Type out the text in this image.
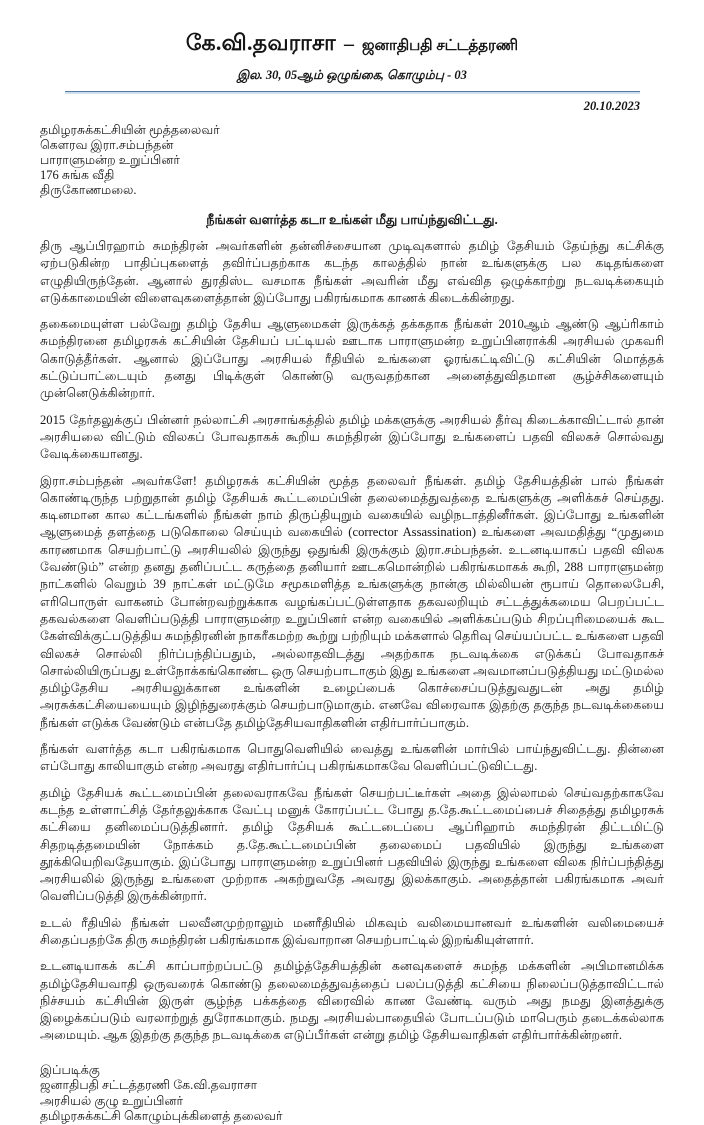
கே.வி.தவராசா – ஜனாதிபதி சட்டத்தரணி
இல. 30, 05ஆம் ஒழுங்கை, கொழும்பு - 03
20.10.2023
தமிழரசுக்கட்சியின் மூத்தலைவர்
கௌரவ இரா.சம்பந்தன்
பாராளுமன்ற உறுப்பினர்
176 சுங்க வீதி
திருகோணமலை.
நீங்கள் வளர்த்த கடா உங்கள் மீது பாய்ந்துவிட்டது.

திரு ஆப்பிரஹாம் சுமந்திரன் அவர்களின் தன்னிச்சையான முடிவுகளால் தமிழ் தேசியம் தேய்ந்து கட்சிக்கு ஏற்படுகின்ற பாதிப்புகளைத் தவிர்ப்பதற்காக கடந்த காலத்தில் நான் உங்களுக்கு பல கடிதங்களை எழுதியிருந்தேன். ஆனால் துரதிஸ்ட வசமாக நீங்கள் அவரின் மீது எவ்வித ஒழுக்காற்று நடவடிக்கையும் எடுக்காமையின் விளைவுகளைத்தான் இப்போது பகிரங்கமாக காணக் கிடைக்கின்றது.

தகைமையுள்ள பல்வேறு தமிழ் தேசிய ஆளுமைகள் இருக்கத் தக்கதாக நீங்கள் 2010ஆம் ஆண்டு ஆப்ரிகாம் சுமந்திரனை தமிழரசுக் கட்சியின் தேசியப் பட்டியல் ஊடாக பாராளுமன்ற உறுப்பினராக்கி அரசியல் முகவரி கொடுத்தீர்கள். ஆனால் இப்போது அரசியல் ரீதியில் உங்களை ஓரங்கட்டிவிட்டு கட்சியின் மொத்தக் கட்டுப்பாட்டையும் தனது பிடிக்குள் கொண்டு வருவதற்கான அனைத்துவிதமான சூழ்ச்சிகளையும் முன்னெடுக்கின்றார்.

2015 தேர்தலுக்குப் பின்னர் நல்லாட்சி அரசாங்கத்தில் தமிழ் மக்களுக்கு அரசியல் தீர்வு கிடைக்காவிட்டால் தான் அரசியலை விட்டும் விலகப் போவதாகக் கூறிய சுமந்திரன் இப்போது உங்களைப் பதவி விலகச் சொல்வது வேடிக்கையானது.

இரா.சம்பந்தன் அவர்களே! தமிழரசுக் கட்சியின் மூத்த தலைவர் நீங்கள். தமிழ் தேசியத்தின் பால் நீங்கள் கொண்டிருந்த பற்றுதான் தமிழ் தேசியக் கூட்டமைப்பின் தலைமைத்துவத்தை உங்களுக்கு அளிக்கச் செய்தது. கடினமான கால கட்டங்களில் நீங்கள் நாம் திருப்தியுறும் வகையில் வழிநடாத்தினீர்கள். இப்போது உங்களின் ஆளுமைத் தளத்தை படுகொலை செய்யும் வகையில் (corrector Assassination) உங்களை அவமதித்து “முதுமை காரணமாக செயற்பாட்டு அரசியலில் இருந்து ஒதுங்கி இருக்கும் இரா.சம்பந்தன். உடனடியாகப் பதவி விலக வேண்டும்” என்ற தனது தனிப்பட்ட கருத்தை தனியார் ஊடகமொன்றில் பகிரங்கமாகக் கூறி, 288 பாராளுமன்ற நாட்களில் வெறும் 39 நாட்கள் மட்டுமே சமூகமளித்த உங்களுக்கு நான்கு மில்லியன் ரூபாய் தொலைபேசி, எரிபொருள் வாகனம் போன்றவற்றுக்காக வழங்கப்பட்டுள்ளதாக தகவலறியும் சட்டத்துக்கமைய பெறப்பட்ட தகவல்களை வெளிப்படுத்தி பாராளுமன்ற உறுப்பினர் என்ற வகையில் அளிக்கப்படும் சிறப்புரிமையைக் கூட கேள்விக்குட்படுத்திய சுமந்திரனின் நாகரீகமற்ற கூற்று பற்றியும் மக்களால் தெரிவு செய்யப்பட்ட உங்களை பதவி விலகச் சொல்லி நிர்ப்பந்திப்பதும், அல்லாதவிடத்து அதற்காக நடவடிக்கை எடுக்கப் போவதாகச் சொல்லியிருப்பது உள்நோக்கங்கொண்ட ஒரு செயற்பாடாகும் இது உங்களை அவமானப்படுத்தியது மட்டுமல்ல தமிழ்தேசிய அரசியலுக்கான உங்களின் உழைப்பைக் கொச்சைப்படுத்துவதுடன் அது தமிழ் அரசுக்கட்சியையையும் இழிந்துரைக்கும் செயற்பாடுமாகும். எனவே விரைவாக இதற்கு தகுந்த நடவடிக்கையை நீங்கள் எடுக்க வேண்டும் என்பதே தமிழ்தேசியவாதிகளின் எதிர்பார்ப்பாகும்.

நீங்கள் வளர்த்த கடா பகிரங்கமாக பொதுவெளியில் வைத்து உங்களின் மார்பில் பாய்ந்துவிட்டது. தின்னை எப்போது காலியாகும் என்ற அவரது எதிர்பார்ப்பு பகிரங்கமாகவே வெளிப்பட்டுவிட்டது.

தமிழ் தேசியக் கூட்டமைப்பின் தலைவராகவே நீங்கள் செயற்பட்டீர்கள் அதை இல்லாமல் செய்வதற்காகவே கடந்த உள்ளாட்சித் தேர்தலுக்காக வேட்பு மனுக் கோரப்பட்ட போது த.தே.கூட்டமைப்பைச் சிதைத்து தமிழரசுக் கட்சியை தனிமைப்படுத்தினார். தமிழ் தேசியக் கூட்டடைப்பை ஆப்ரிஹாம் சுமந்திரன் திட்டமிட்டு சிதறடித்தமையின் நோக்கம் த.தே.கூட்டமைப்பின் தலைமைப் பதவியில் இருந்து உங்களை தூக்கியெறிவதேயாகும். இப்போது பாராளுமன்ற உறுப்பினர் பதவியில் இருந்து உங்களை விலக நிர்ப்பந்தித்து அரசியலில் இருந்து உங்களை முற்றாக அகற்றுவதே அவரது இலக்காகும். அதைத்தான் பகிரங்கமாக அவர் வெளிப்படுத்தி இருக்கின்றார்.

உடல் ரீதியில் நீங்கள் பலவீனமுற்றாலும் மனரீதியில் மிகவும் வலிமையானவர் உங்களின் வலிமையைச் சிதைப்பதற்கே திரு சுமந்திரன் பகிரங்கமாக இவ்வாறான செயற்பாட்டில் இறங்கியுள்ளார்.

உடனடியாகக் கட்சி காப்பாற்றப்பட்டு தமிழ்த்தேசியத்தின் கனவுகளைச் சுமந்த மக்களின் அபிமானமிக்க தமிழ்தேசியவாதி ஒருவரைக் கொண்டு தலைமைத்துவத்தைப் பலப்படுத்தி கட்சியை நிலைப்படுத்தாவிட்டால் நிச்சயம் கட்சியின் இருள் சூழ்ந்த பக்கத்தை விரைவில் காண வேண்டி வரும் அது நமது இனத்துக்கு இழைக்கப்படும் வரலாற்றுத் துரோகமாகும். நமது அரசியல்பாதையில் போடப்படும் மாபெரும் தடைக்கல்லாக அமையும். ஆக இதற்கு தகுந்த நடவடிக்கை எடுப்பீர்கள் என்று தமிழ் தேசியவாதிகள் எதிர்பார்க்கின்றனர்.

இப்படிக்கு
ஜனாதிபதி சட்டத்தரணி கே.வி.தவராசா
அரசியல் குழு உறுப்பினர்
தமிழரசுக்கட்சி கொழும்புக்கிளைத் தலைவர்
